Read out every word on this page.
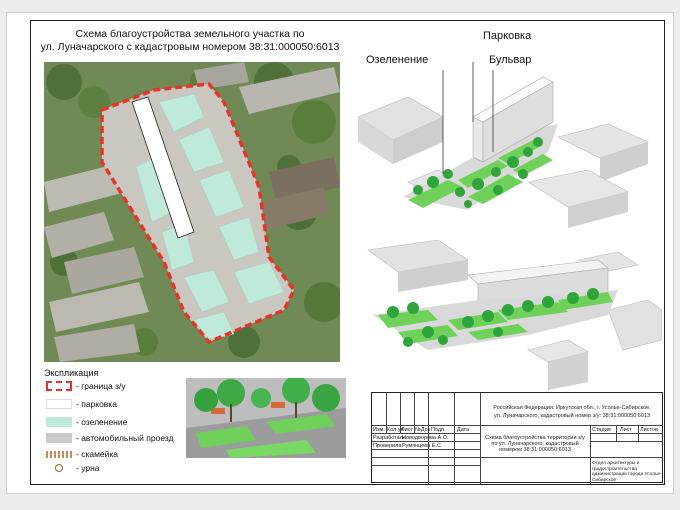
Схема благоустройства земельного участка по
ул. Луначарского с кадастровым номером 38:31:000050:6013
Озеленение
Парковка
Бульвар
Экспликация
- граница з/у
- парковка
- озеленение
- автомобильный проезд
- скамейка
- урна
Изм. Кол.уч
Лист №Док Подп. Дата
Разработала
Новодворова А.О.
Проверила Румянцева Е.С.
Российская Федерация, Иркутская обл., г. Усолье-Сибирское,
ул. Луначарского, кадастровый номер з/у: 38:31:000050:6013
Схема благоустройства территории з/у по ул. Луначарского, кадастровый номером 38:31:000050:6013
Стадия Лист Листов
Отдел архитектуры и градостроительства администрации города Усолье-Сибирское
